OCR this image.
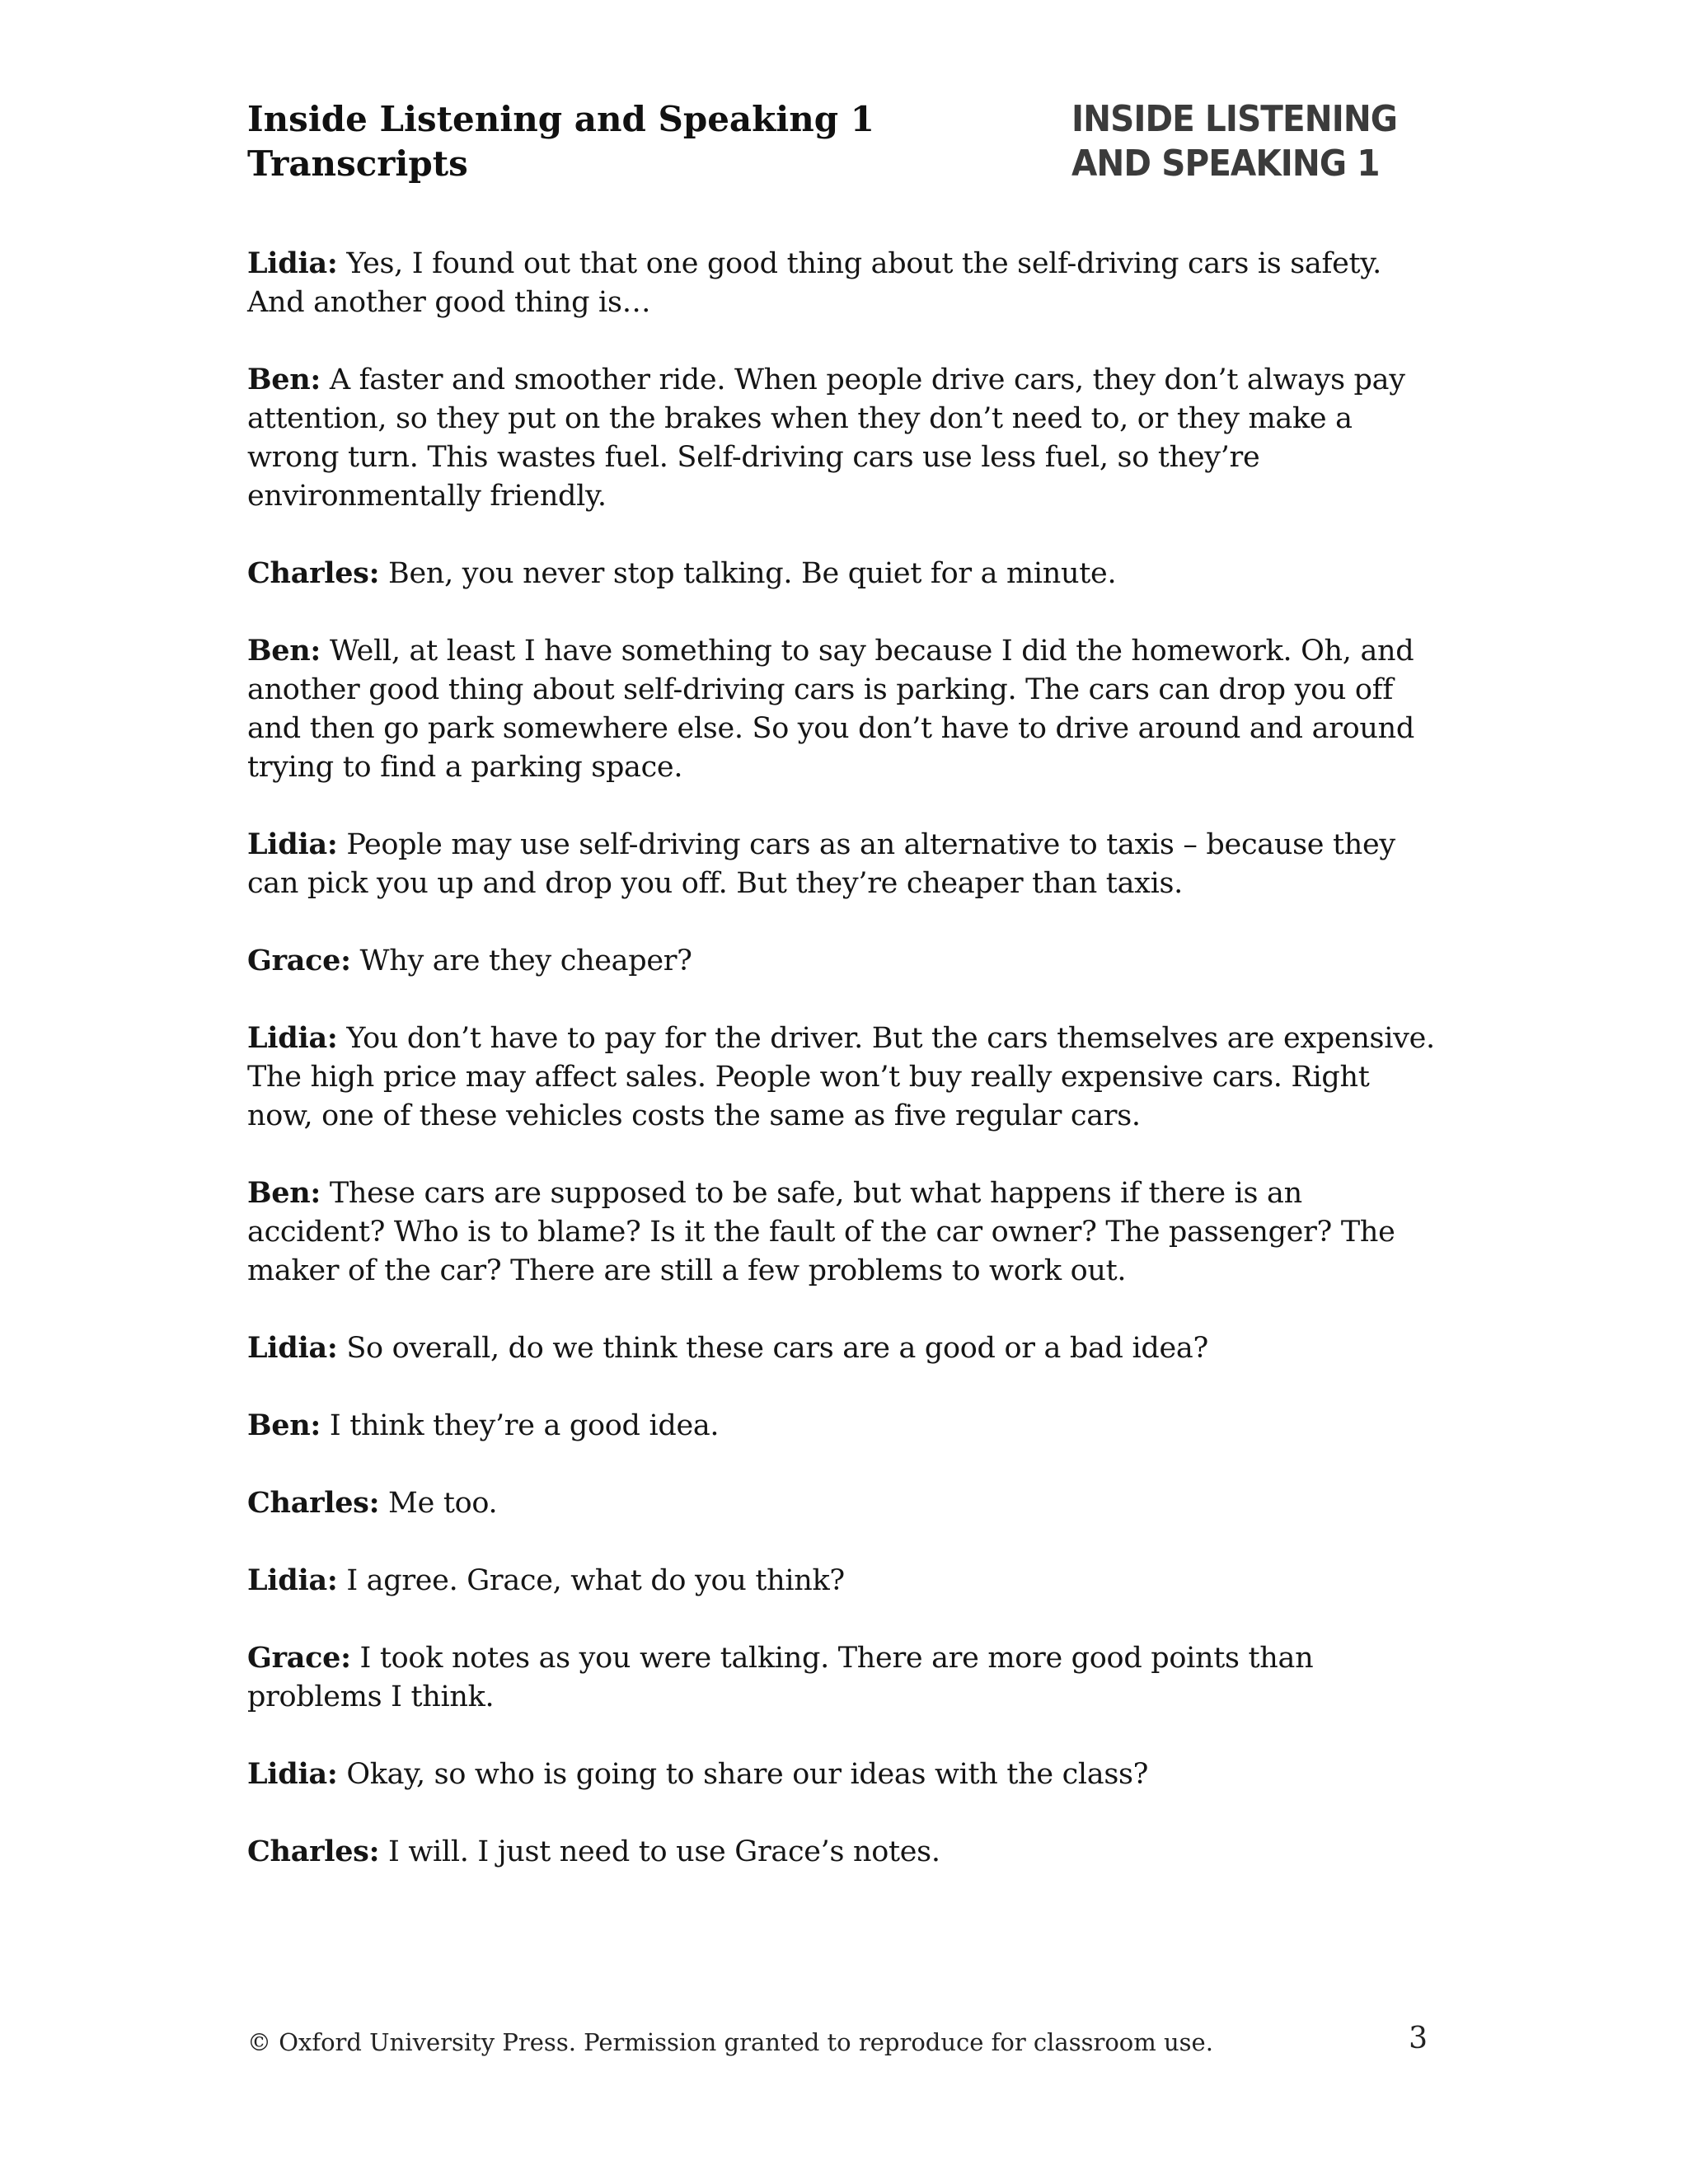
Inside Listening and Speaking 1
Transcripts
INSIDE LISTENING
AND SPEAKING 1

Lidia: Yes, I found out that one good thing about the self-driving cars is safety. And another good thing is…

Ben: A faster and smoother ride. When people drive cars, they don’t always pay attention, so they put on the brakes when they don’t need to, or they make a wrong turn. This wastes fuel. Self-driving cars use less fuel, so they’re environmentally friendly.

Charles: Ben, you never stop talking. Be quiet for a minute.

Ben: Well, at least I have something to say because I did the homework. Oh, and another good thing about self-driving cars is parking. The cars can drop you off and then go park somewhere else. So you don’t have to drive around and around trying to find a parking space.

Lidia: People may use self-driving cars as an alternative to taxis – because they can pick you up and drop you off. But they’re cheaper than taxis.

Grace: Why are they cheaper?

Lidia: You don’t have to pay for the driver. But the cars themselves are expensive. The high price may affect sales. People won’t buy really expensive cars. Right now, one of these vehicles costs the same as five regular cars.

Ben: These cars are supposed to be safe, but what happens if there is an accident? Who is to blame? Is it the fault of the car owner? The passenger? The maker of the car? There are still a few problems to work out.

Lidia: So overall, do we think these cars are a good or a bad idea?

Ben: I think they’re a good idea.

Charles: Me too.

Lidia: I agree. Grace, what do you think?

Grace: I took notes as you were talking. There are more good points than problems I think.

Lidia: Okay, so who is going to share our ideas with the class?

Charles: I will. I just need to use Grace’s notes.

© Oxford University Press. Permission granted to reproduce for classroom use.	3
